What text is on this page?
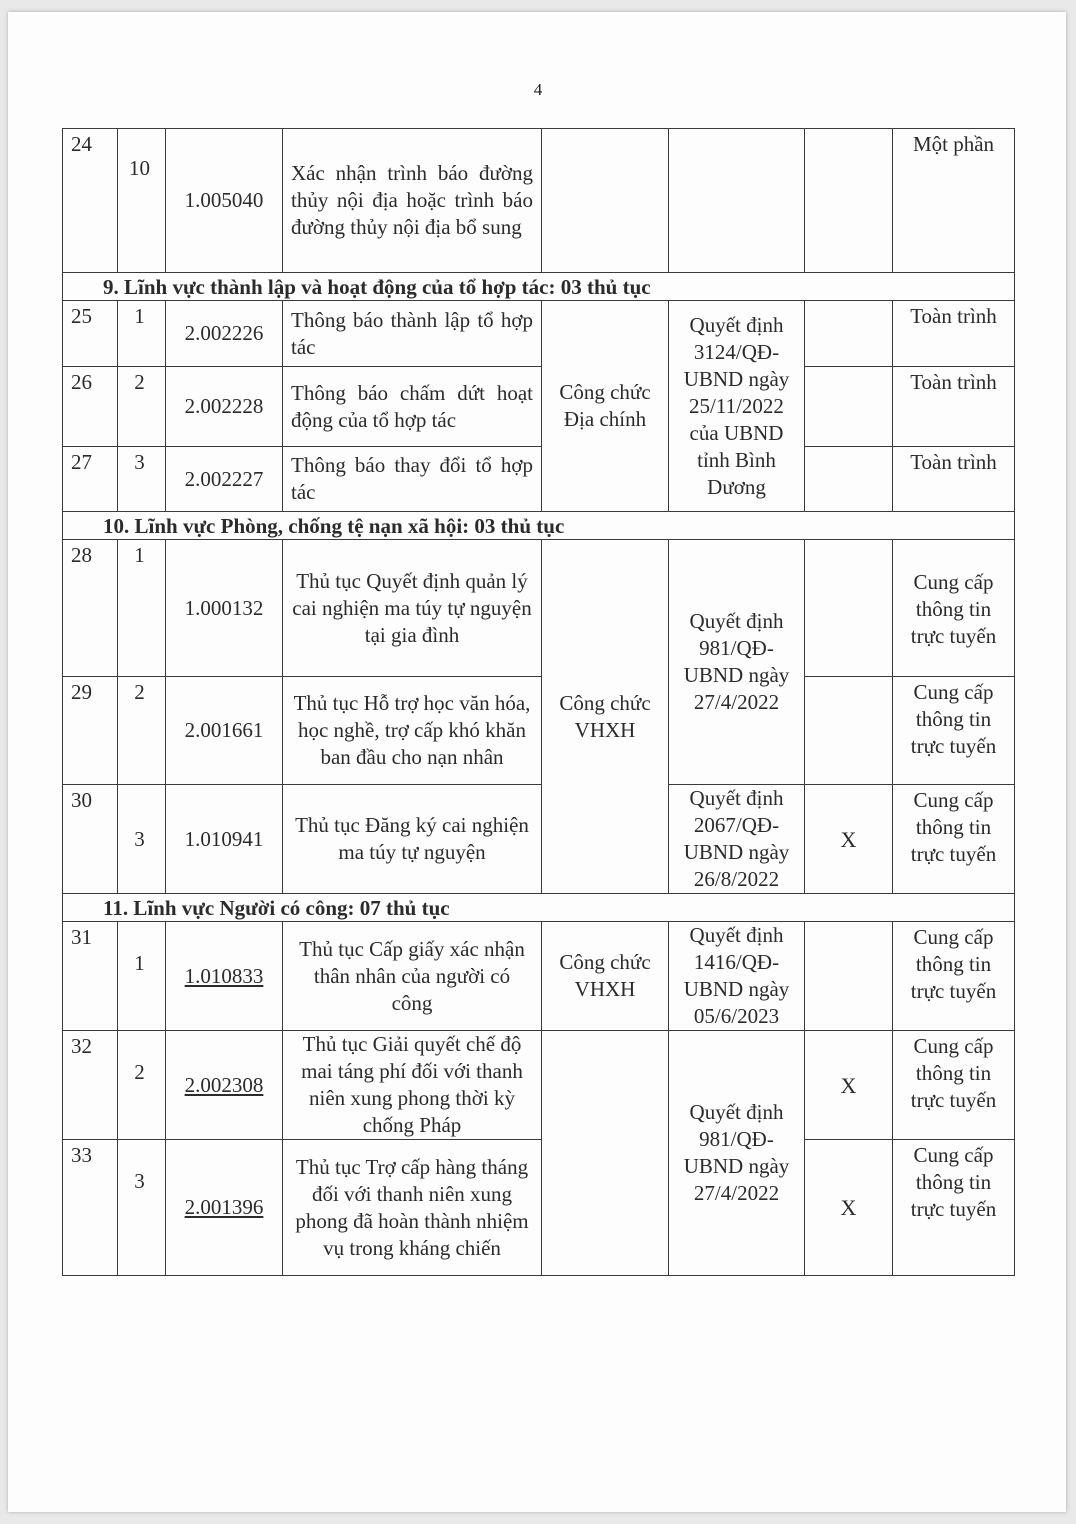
4
24	10	1.005040	Xác nhận trình báo đường thủy nội địa hoặc trình báo đường thủy nội địa bổ sung				Một phần
9. Lĩnh vực thành lập và hoạt động của tổ hợp tác: 03 thủ tục							
25	1	2.002226	Thông báo thành lập tổ hợp tác	Công chức Địa chính	Quyết định 3124/QĐ-UBND ngày 25/11/2022 của UBND tỉnh Bình Dương		Toàn trình
26	2	2.002228	Thông báo chấm dứt hoạt động của tổ hợp tác				Toàn trình
27	3	2.002227	Thông báo thay đổi tổ hợp tác				Toàn trình
10. Lĩnh vực Phòng, chống tệ nạn xã hội: 03 thủ tục							
28	1	1.000132	Thủ tục Quyết định quản lý cai nghiện ma túy tự nguyện tại gia đình	Công chức VHXH	Quyết định 981/QĐ-UBND ngày 27/4/2022		Cung cấp thông tin trực tuyến
29	2	2.001661	Thủ tục Hỗ trợ học văn hóa, học nghề, trợ cấp khó khăn ban đầu cho nạn nhân				Cung cấp thông tin trực tuyến
30	3	1.010941	Thủ tục Đăng ký cai nghiện ma túy tự nguyện		Quyết định 2067/QĐ-UBND ngày 26/8/2022	X	Cung cấp thông tin trực tuyến
11. Lĩnh vực Người có công: 07 thủ tục							
31	1	1.010833	Thủ tục Cấp giấy xác nhận thân nhân của người có công	Công chức VHXH	Quyết định 1416/QĐ-UBND ngày 05/6/2023		Cung cấp thông tin trực tuyến
32	2	2.002308	Thủ tục Giải quyết chế độ mai táng phí đối với thanh niên xung phong thời kỳ chống Pháp		Quyết định 981/QĐ-UBND ngày 27/4/2022	X	Cung cấp thông tin trực tuyến
33	3	2.001396	Thủ tục Trợ cấp hàng tháng đối với thanh niên xung phong đã hoàn thành nhiệm vụ trong kháng chiến			X	Cung cấp thông tin trực tuyến
